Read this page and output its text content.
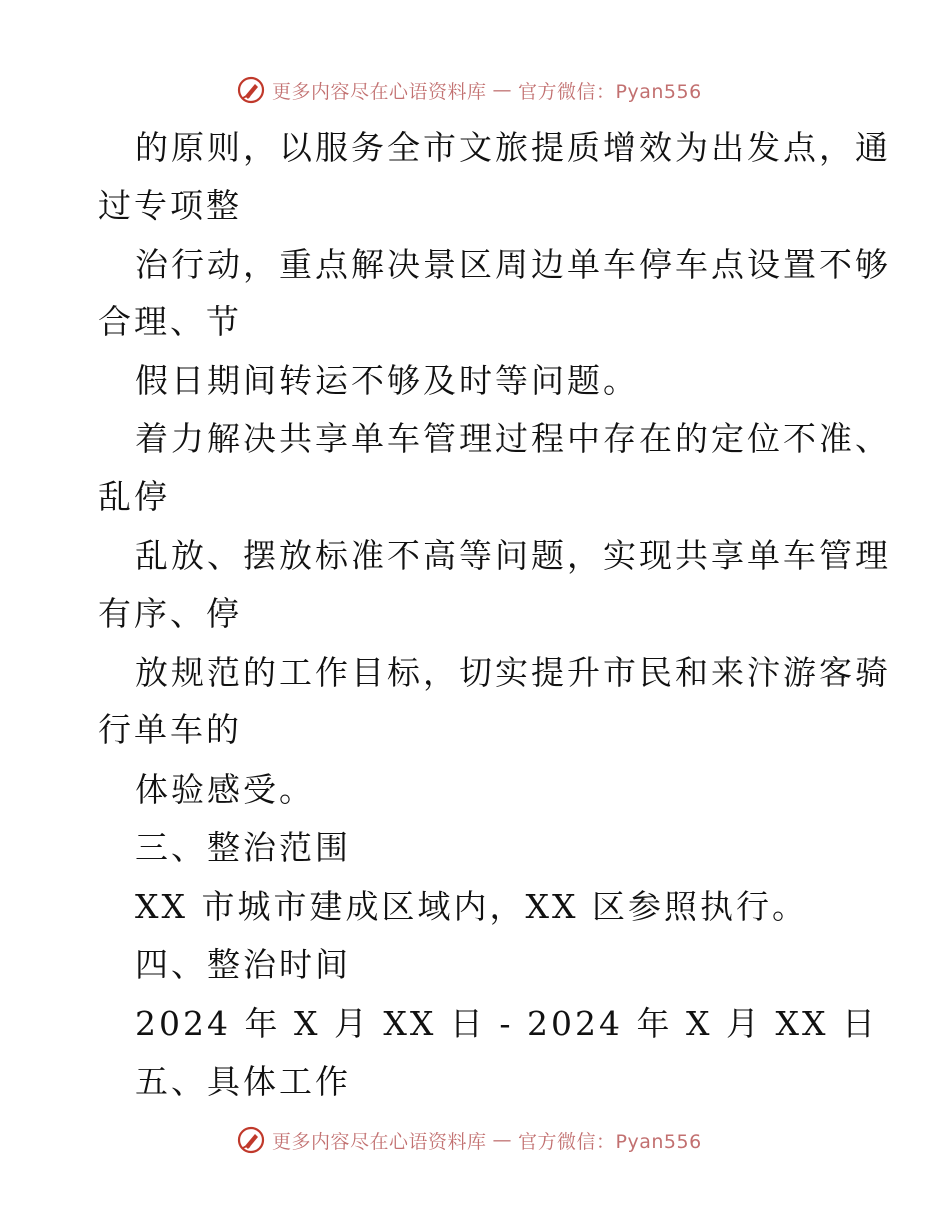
更多内容尽在心语资料库 — 官方微信：Pyan556
的原则，以服务全市文旅提质增效为出发点，通
过专项整
治行动，重点解决景区周边单车停车点设置不够
合理、节
假日期间转运不够及时等问题。
着力解决共享单车管理过程中存在的定位不准、
乱停
乱放、摆放标准不高等问题，实现共享单车管理
有序、停
放规范的工作目标，切实提升市民和来汴游客骑
行单车的
体验感受。
三、整治范围
XX 市城市建成区域内，XX 区参照执行。
四、整治时间
2024 年 X 月 XX 日 - 2024 年 X 月 XX 日
五、具体工作
更多内容尽在心语资料库 — 官方微信：Pyan556
